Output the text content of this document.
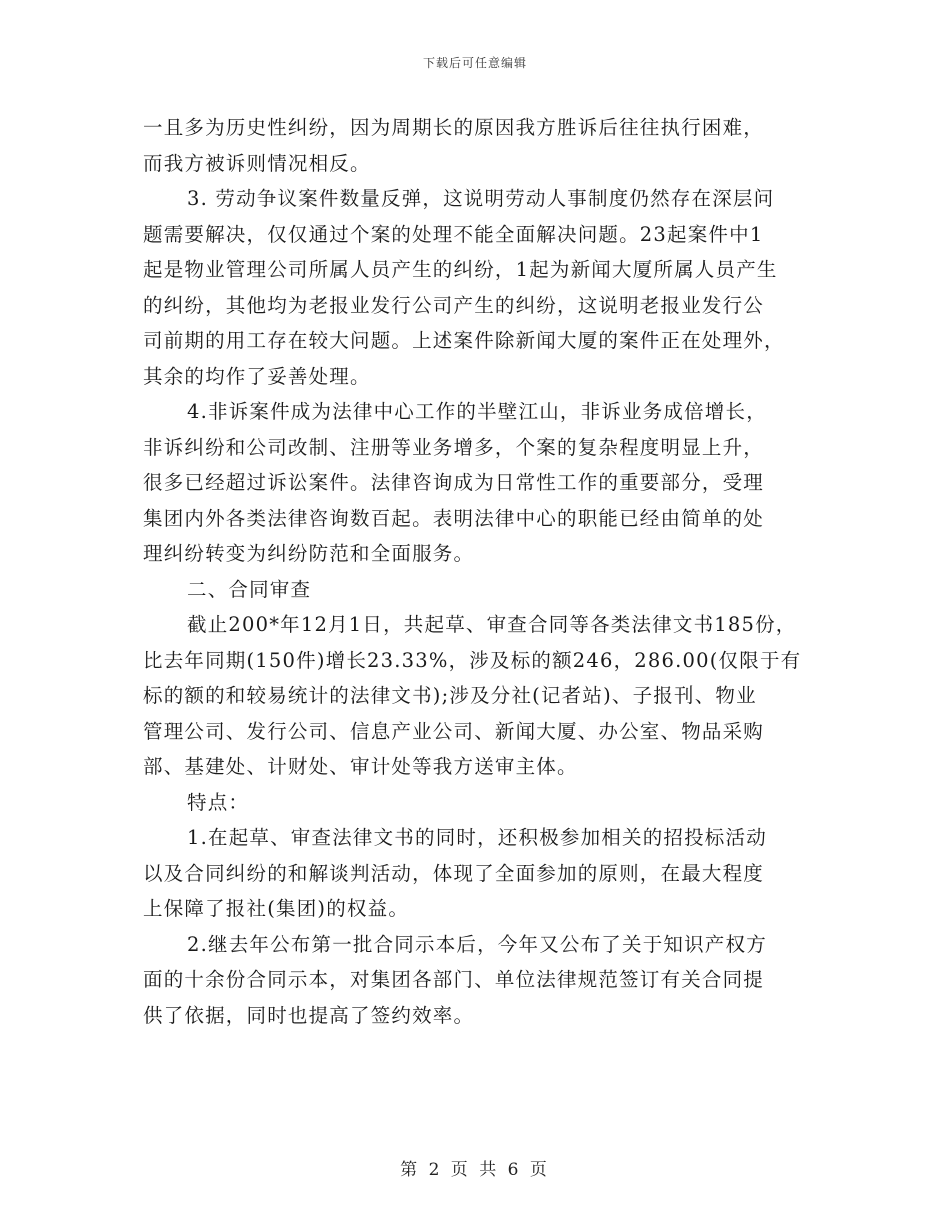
下载后可任意编辑
一且多为历史性纠纷，因为周期长的原因我方胜诉后往往执行困难，
而我方被诉则情况相反。
3. 劳动争议案件数量反弹，这说明劳动人事制度仍然存在深层问
题需要解决，仅仅通过个案的处理不能全面解决问题。23起案件中1
起是物业管理公司所属人员产生的纠纷，1起为新闻大厦所属人员产生
的纠纷，其他均为老报业发行公司产生的纠纷，这说明老报业发行公
司前期的用工存在较大问题。上述案件除新闻大厦的案件正在处理外，
其余的均作了妥善处理。
4.非诉案件成为法律中心工作的半壁江山，非诉业务成倍增长，
非诉纠纷和公司改制、注册等业务增多，个案的复杂程度明显上升，
很多已经超过诉讼案件。法律咨询成为日常性工作的重要部分，受理
集团内外各类法律咨询数百起。表明法律中心的职能已经由简单的处
理纠纷转变为纠纷防范和全面服务。
二、合同审查
截止200*年12月1日，共起草、审查合同等各类法律文书185份，
比去年同期(150件)增长23.33%，涉及标的额246，286.00(仅限于有
标的额的和较易统计的法律文书);涉及分社(记者站)、子报刊、物业
管理公司、发行公司、信息产业公司、新闻大厦、办公室、物品采购
部、基建处、计财处、审计处等我方送审主体。
特点：
1.在起草、审查法律文书的同时，还积极参加相关的招投标活动
以及合同纠纷的和解谈判活动，体现了全面参加的原则，在最大程度
上保障了报社(集团)的权益。
2.继去年公布第一批合同示本后，今年又公布了关于知识产权方
面的十余份合同示本，对集团各部门、单位法律规范签订有关合同提
供了依据，同时也提高了签约效率。
第 2 页 共 6 页
